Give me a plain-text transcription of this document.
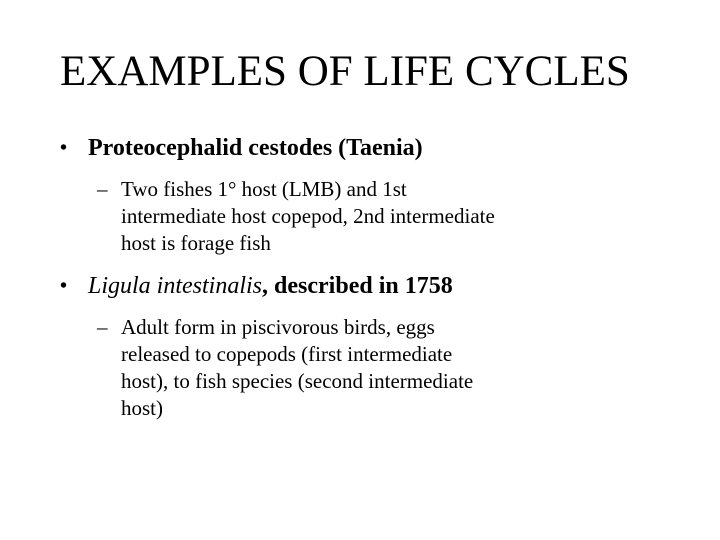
EXAMPLES OF LIFE CYCLES
• Proteocephalid cestodes (Taenia)
– Two fishes 1° host (LMB) and 1st
intermediate host copepod, 2nd intermediate
host is forage fish
• Ligula intestinalis, described in 1758
– Adult form in piscivorous birds, eggs
released to copepods (first intermediate
host), to fish species (second intermediate
host)
